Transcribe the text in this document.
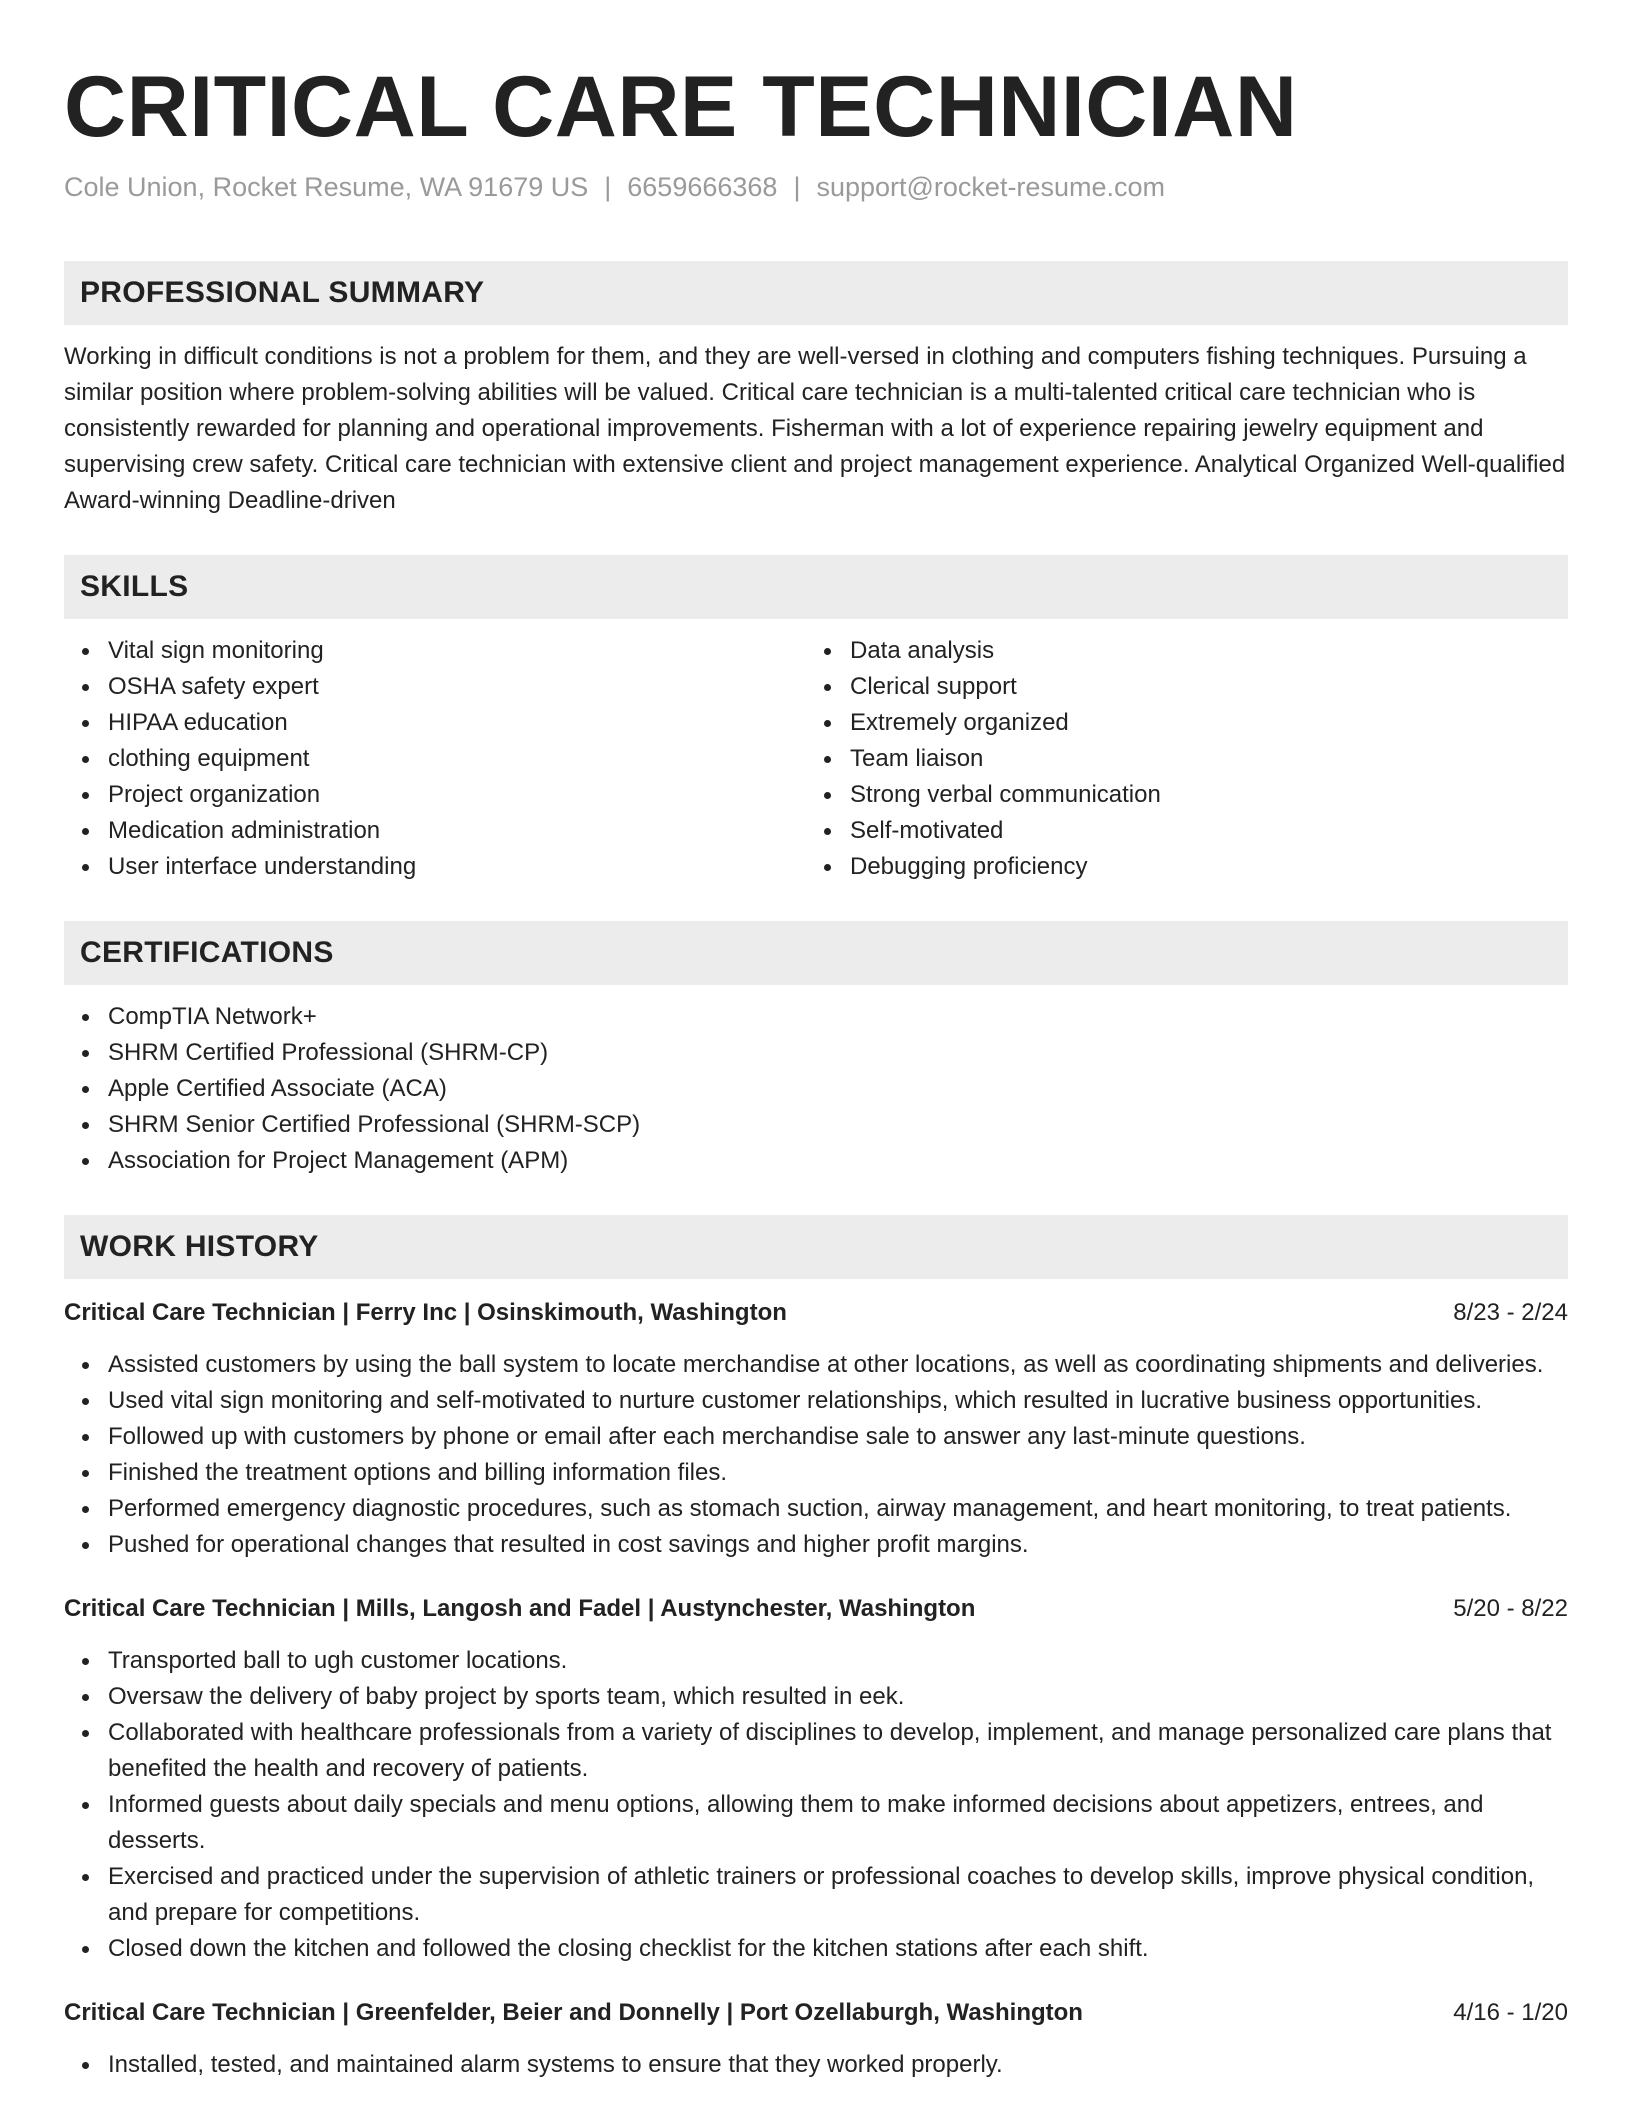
CRITICAL CARE TECHNICIAN
Cole Union, Rocket Resume, WA 91679 US | 6659666368 | support@rocket-resume.com
PROFESSIONAL SUMMARY

Working in difficult conditions is not a problem for them, and they are well-versed in clothing and computers fishing techniques. Pursuing a similar position where problem-solving abilities will be valued. Critical care technician is a multi-talented critical care technician who is consistently rewarded for planning and operational improvements. Fisherman with a lot of experience repairing jewelry equipment and supervising crew safety. Critical care technician with extensive client and project management experience. Analytical Organized Well-qualified Award-winning Deadline-driven

SKILLS
Vital sign monitoring
OSHA safety expert
HIPAA education
clothing equipment
Project organization
Medication administration
User interface understanding
Data analysis
Clerical support
Extremely organized
Team liaison
Strong verbal communication
Self-motivated
Debugging proficiency
CERTIFICATIONS
CompTIA Network+
SHRM Certified Professional (SHRM-CP)
Apple Certified Associate (ACA)
SHRM Senior Certified Professional (SHRM-SCP)
Association for Project Management (APM)
WORK HISTORY
Critical Care Technician | Ferry Inc | Osinskimouth, Washington	8/23 - 2/24
Assisted customers by using the ball system to locate merchandise at other locations, as well as coordinating shipments and deliveries.
Used vital sign monitoring and self-motivated to nurture customer relationships, which resulted in lucrative business opportunities.
Followed up with customers by phone or email after each merchandise sale to answer any last-minute questions.
Finished the treatment options and billing information files.
Performed emergency diagnostic procedures, such as stomach suction, airway management, and heart monitoring, to treat patients.
Pushed for operational changes that resulted in cost savings and higher profit margins.
Critical Care Technician | Mills, Langosh and Fadel | Austynchester, Washington	5/20 - 8/22
Transported ball to ugh customer locations.
Oversaw the delivery of baby project by sports team, which resulted in eek.
Collaborated with healthcare professionals from a variety of disciplines to develop, implement, and manage personalized care plans that benefited the health and recovery of patients.
Informed guests about daily specials and menu options, allowing them to make informed decisions about appetizers, entrees, and desserts.
Exercised and practiced under the supervision of athletic trainers or professional coaches to develop skills, improve physical condition, and prepare for competitions.
Closed down the kitchen and followed the closing checklist for the kitchen stations after each shift.
Critical Care Technician | Greenfelder, Beier and Donnelly | Port Ozellaburgh, Washington	4/16 - 1/20
Installed, tested, and maintained alarm systems to ensure that they worked properly.
